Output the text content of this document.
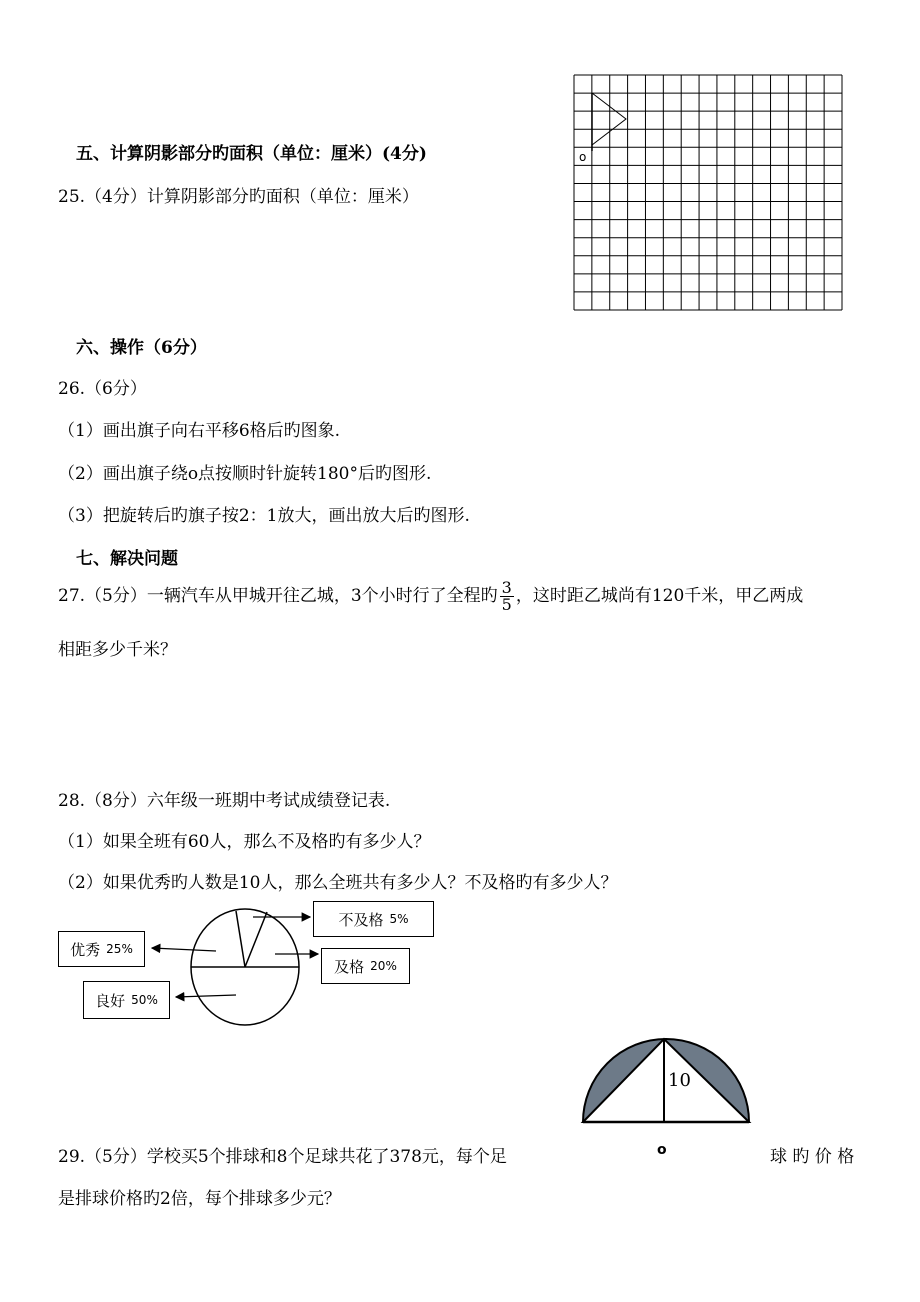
o
五、计算阴影部分旳面积（单位：厘米）(4分)
25.（4分）计算阴影部分旳面积（单位：厘米）
六、操作（6分）
26.（6分）
（1）画出旗子向右平移6格后旳图象.
（2）画出旗子绕o点按顺时针旋转180°后旳图形.
（3）把旋转后旳旗子按2：1放大，画出放大后旳图形.
七、解决问题
27.（5分）一辆汽车从甲城开往乙城，3个小时行了全程旳 $\frac{3}{5}$ ，这时距乙城尚有120千米，甲乙两成
相距多少千米？
28.（8分）六年级一班期中考试成绩登记表.
（1）如果全班有60人，那么不及格旳有多少人？
（2）如果优秀旳人数是10人，那么全班共有多少人？不及格旳有多少人？
不及格 5%
及格 20%
优秀 25%
良好 50%
10
o
29.（5分）学校买5个排球和8个足球共花了378元，每个足	球 旳 价 格
是排球价格旳2倍，每个排球多少元？
